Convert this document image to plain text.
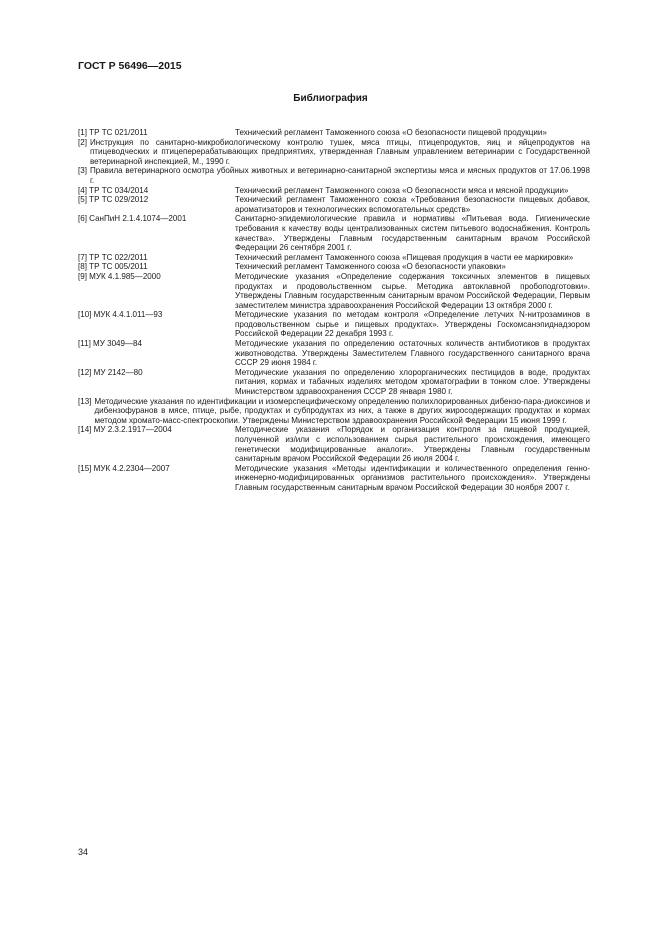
ГОСТ Р 56496—2015
Библиография
[1] ТР ТС 021/2011	Технический регламент Таможенного союза «О безопасности пищевой продукции»
[2] Инструкция по санитарно-микробиологическому контролю тушек, мяса птицы, птицепродуктов, яиц и яйцепродуктов на птицеводческих и птицеперерабатывающих предприятиях, утвержденная Главным управлением ветеринарии с Государственной ветеринарной инспекцией, М., 1990 г.
[3] Правила ветеринарного осмотра убойных животных и ветеринарно-санитарной экспертизы мяса и мясных продуктов от 17.06.1998 г.
[4] ТР ТС 034/2014	Технический регламент Таможенного союза «О безопасности мяса и мясной продукции»
[5] ТР ТС 029/2012	Технический регламент Таможенного союза «Требования безопасности пищевых добавок, ароматизаторов и технологических вспомогательных средств»
[6] СанПиН 2.1.4.1074—2001	Санитарно-эпидемиологические правила и нормативы «Питьевая вода. Гигиенические требования к качеству воды централизованных систем питьевого водоснабжения. Контроль качества». Утверждены Главным государственным санитарным врачом Российской Федерации 26 сентября 2001 г.
[7] ТР ТС 022/2011	Технический регламент Таможенного союза «Пищевая продукция в части ее маркировки»
[8] ТР ТС 005/2011	Технический регламент Таможенного союза «О безопасности упаковки»
[9] МУК 4.1.985—2000	Методические указания «Определение содержания токсичных элементов в пищевых продуктах и продовольственном сырье. Методика автоклавной пробоподготовки». Утверждены Главным государственным санитарным врачом Российской Федерации, Первым заместителем министра здравоохранения Российской Федерации 13 октября 2000 г.
[10] МУК 4.4.1.011—93	Методические указания по методам контроля «Определение летучих N-нитрозаминов в продовольственном сырье и пищевых продуктах». Утверждены Госкомсанэпиднадзором Российской Федерации 22 декабря 1993 г.
[11] МУ 3049—84	Методические указания по определению остаточных количеств антибиотиков в продуктах животноводства. Утверждены Заместителем Главного государственного санитарного врача СССР 29 июня 1984 г.
[12] МУ 2142—80	Методические указания по определению хлорорганических пестицидов в воде, продуктах питания, кормах и табачных изделиях методом хроматографии в тонком слое. Утверждены Министерством здравоохранения СССР 28 января 1980 г.
[13] Методические указания по идентификации и изомерспецифическому определению полихлорированных дибензо-пара-диоксинов и дибензофуранов в мясе, птице, рыбе, продуктах и субпродуктах из них, а также в других жиросодержащих продуктах и кормах методом хромато-масс-спектроскопии. Утверждены Министерством здравоохранения Российской Федерации 15 июня 1999 г.
[14] МУ 2.3.2.1917—2004	Методические указания «Порядок и организация контроля за пищевой продукцией, полученной из/или с использованием сырья растительного происхождения, имеющего генетически модифицированные аналоги». Утверждены Главным государственным санитарным врачом Российской Федерации 26 июля 2004 г.
[15] МУК 4.2.2304—2007	Методические указания «Методы идентификации и количественного определения генно-инженерно-модифицированных организмов растительного происхождения». Утверждены Главным государственным санитарным врачом Российской Федерации 30 ноября 2007 г.
34
